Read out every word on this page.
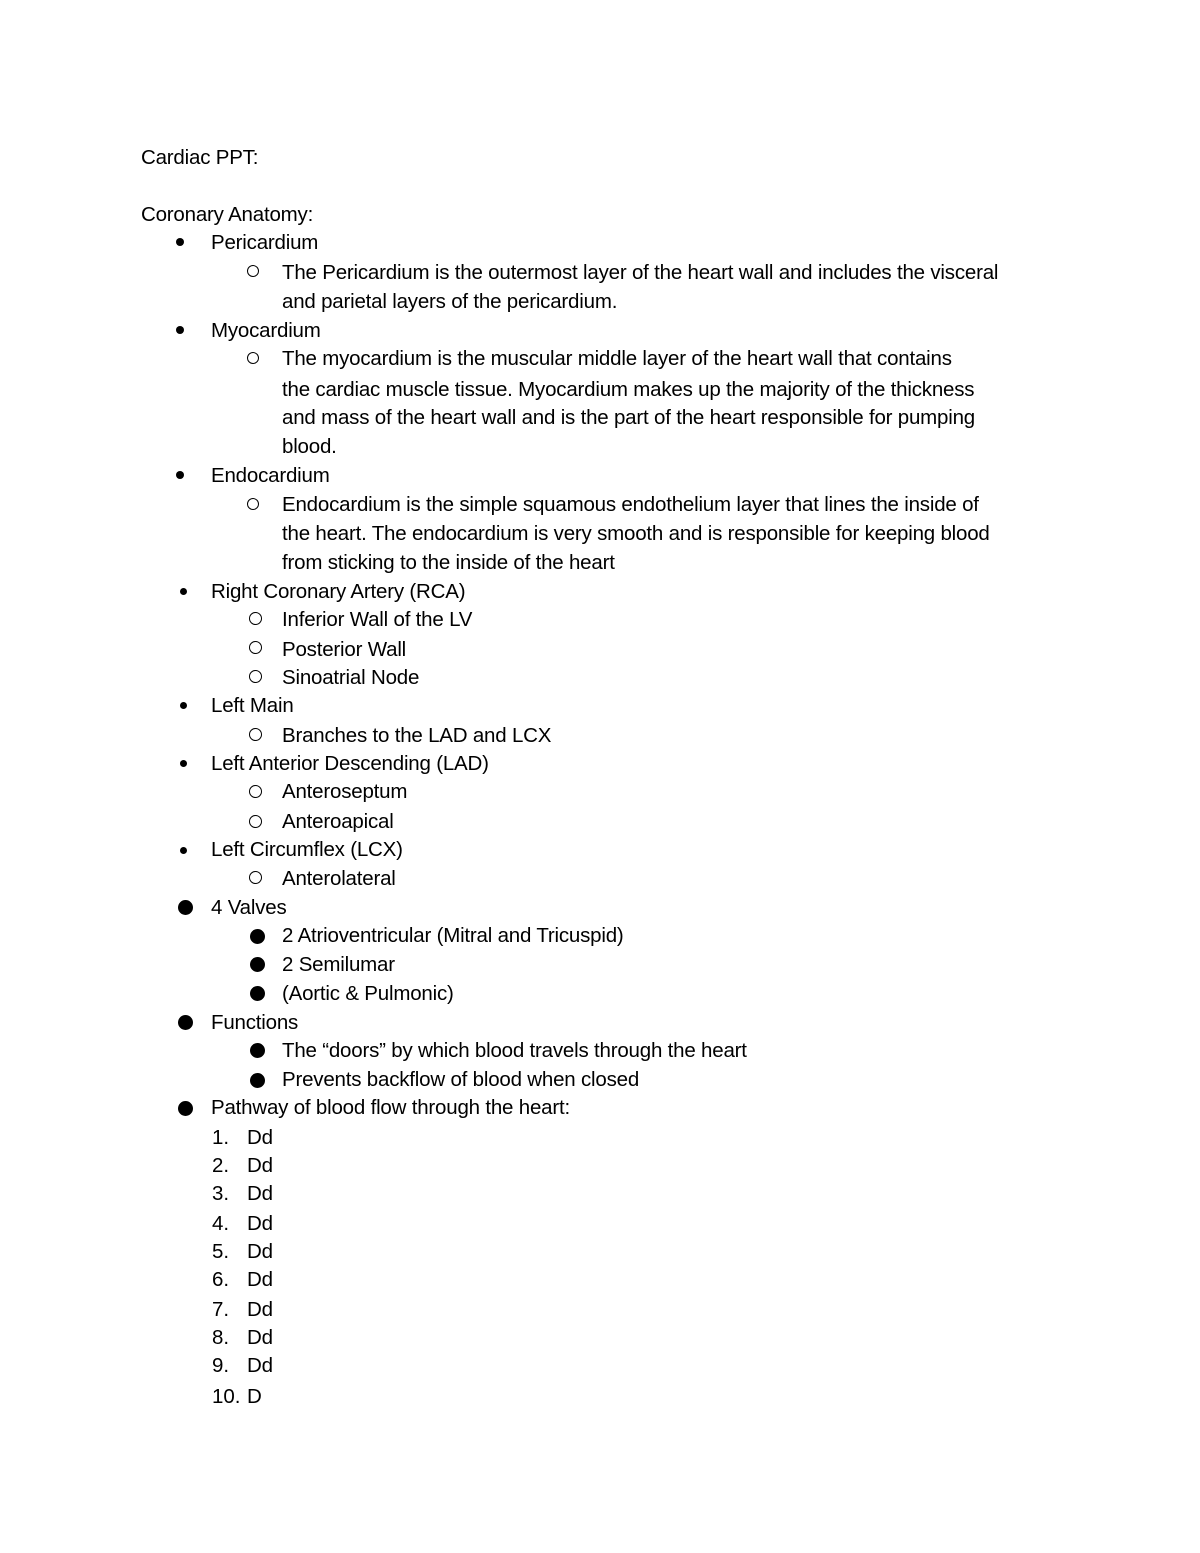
Cardiac PPT:
Coronary Anatomy:
Pericardium
The Pericardium is the outermost layer of the heart wall and includes the visceral
and parietal layers of the pericardium.
Myocardium
The myocardium is the muscular middle layer of the heart wall that contains
the cardiac muscle tissue. Myocardium makes up the majority of the thickness
and mass of the heart wall and is the part of the heart responsible for pumping
blood.
Endocardium
Endocardium is the simple squamous endothelium layer that lines the inside of
the heart. The endocardium is very smooth and is responsible for keeping blood
from sticking to the inside of the heart
Right Coronary Artery (RCA)
Inferior Wall of the LV
Posterior Wall
Sinoatrial Node
Left Main
Branches to the LAD and LCX
Left Anterior Descending (LAD)
Anteroseptum
Anteroapical
Left Circumflex (LCX)
Anterolateral
4 Valves
2 Atrioventricular (Mitral and Tricuspid)
2 Semilumar
(Aortic & Pulmonic)
Functions
The “doors” by which blood travels through the heart
Prevents backflow of blood when closed
Pathway of blood flow through the heart:
1. Dd
2. Dd
3. Dd
4. Dd
5. Dd
6. Dd
7. Dd
8. Dd
9. Dd
10. D
